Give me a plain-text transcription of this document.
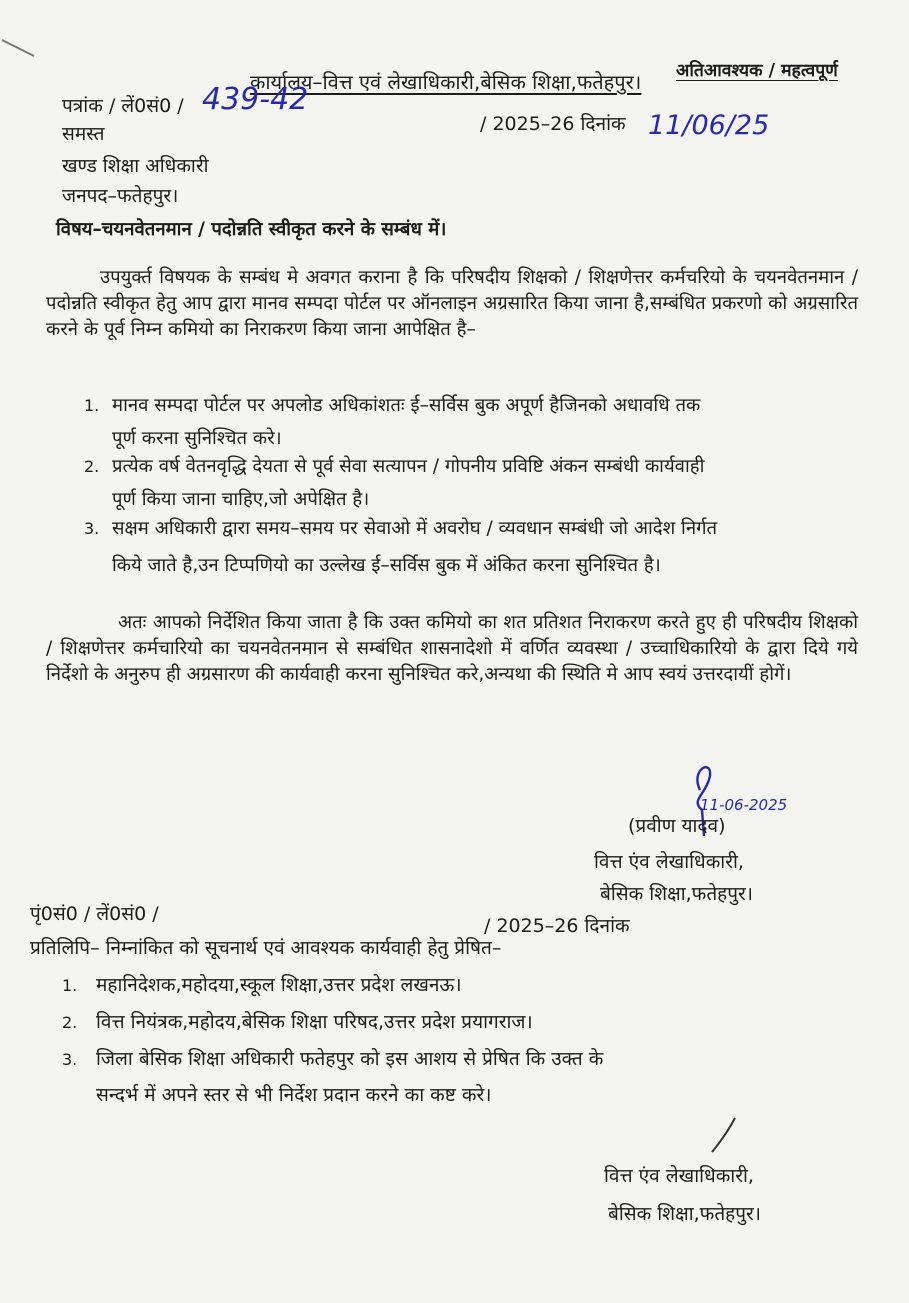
अतिआवश्यक / महत्वपूर्ण
कार्यालय–वित्त एवं लेखाधिकारी,बेसिक शिक्षा,फतेहपुर।
पत्रांक / लें0सं0 / 439-42
/ 2025–26 दिनांक 11/06/25
समस्त
खण्ड शिक्षा अधिकारी
जनपद–फतेहपुर।
विषय–चयनवेतनमान / पदोन्नति स्वीकृत करने के सम्बंध में।
उपयुर्क्त विषयक के सम्बंध मे अवगत कराना है कि परिषदीय शिक्षको / शिक्षणेत्तर कर्मचरियो के चयनवेतनमान / पदोन्नति स्वीकृत हेतु आप द्वारा मानव सम्पदा पोर्टल पर ऑनलाइन अग्रसारित किया जाना है,सम्बंधित प्रकरणो को अग्रसारित करने के पूर्व निम्न कमियो का निराकरण किया जाना आपेक्षित है–
1. मानव सम्पदा पोर्टल पर अपलोड अधिकांशतः ई–सर्विस बुक अपूर्ण हैजिनको अधावधि तक
पूर्ण करना सुनिश्चित करे।
2. प्रत्येक वर्ष वेतनवृद्धि देयता से पूर्व सेवा सत्यापन / गोपनीय प्रविष्टि अंकन सम्बंधी कार्यवाही
पूर्ण किया जाना चाहिए,जो अपेक्षित है।
3. सक्षम अधिकारी द्वारा समय–समय पर सेवाओ में अवरोघ / व्यवधान सम्बंधी जो आदेश निर्गत
किये जाते है,उन टिप्पणियो का उल्लेख ई–सर्विस बुक में अंकित करना सुनिश्चित है।
अतः आपको निर्देशित किया जाता है कि उक्त कमियो का शत प्रतिशत निराकरण करते हुए ही परिषदीय शिक्षको / शिक्षणेत्तर कर्मचारियो का चयनवेतनमान से सम्बंधित शासनादेशो में वर्णित व्यवस्था / उच्चाधिकारियो के द्वारा दिये गये निर्देशो के अनुरुप ही अग्रसारण की कार्यवाही करना सुनिश्चित करे,अन्यथा की स्थिति मे आप स्वयं उत्तरदायीं होगें।
11-06-2025
(प्रवीण यादव)
वित्त एंव लेखाधिकारी,
बेसिक शिक्षा,फतेहपुर।
पृं0सं0 / लें0सं0 /
/ 2025–26 दिनांक
प्रतिलिपि– निम्नांकित को सूचनार्थ एवं आवश्यक कार्यवाही हेतु प्रेषित–
1. महानिदेशक,महोदया,स्कूल शिक्षा,उत्तर प्रदेश लखनऊ।
2. वित्त नियंत्रक,महोदय,बेसिक शिक्षा परिषद,उत्तर प्रदेश प्रयागराज।
3. जिला बेसिक शिक्षा अधिकारी फतेहपुर को इस आशय से प्रेषित कि उक्त के
सन्दर्भ में अपने स्तर से भी निर्देश प्रदान करने का कष्ट करे।
वित्त एंव लेखाधिकारी,
बेसिक शिक्षा,फतेहपुर।
